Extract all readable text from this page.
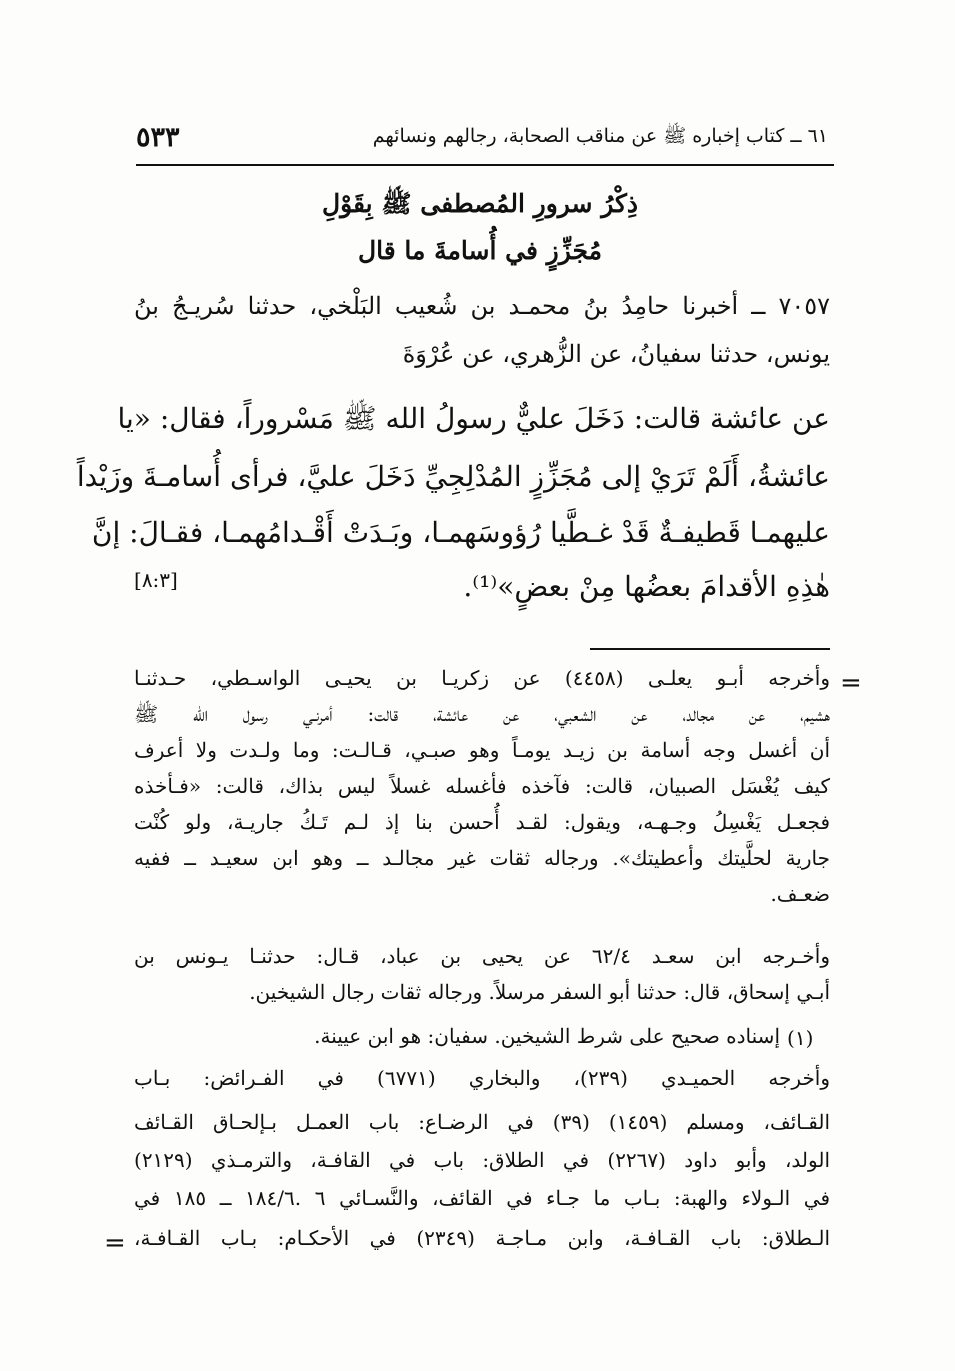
٥٣٣	٦١ ــ كتاب إخباره ﷺ عن مناقب الصحابة، رجالهم ونسائهم
ذِكْرُ سرورِ المُصطفى ﷺ بِقَوْلِ
مُجَزِّزٍ في أُسامةَ ما قال
٧٠٥٧ ــ أخبرنا حامِدُ بنُ محمـد بن شُعيب البَلْخي، حدثنا سُريـجُ بنُ
يونس، حدثنا سفيانُ، عن الزُّهري، عن عُرْوَةَ
عن عائشة قالت: دَخَلَ عليٌّ رسولُ الله ﷺ مَسْروراً، فقال: «يا
عائشةُ، أَلَمْ تَرَيْ إلى مُجَزِّزٍ المُدْلِجِيِّ دَخَلَ عليَّ، فرأى أُسامـةَ وزَيْداً
عليهمـا قَطيفـةٌ قَدْ غـطَّيا رُؤوسَهمـا، وبَـدَتْ أَقْـدامُهمـا، فقـالَ: إنَّ
هٰذِهِ الأقدامَ بعضُها مِنْ بعضٍ»⁽¹⁾.
[٨:٣]
=
وأخرجه أبـو يعلـى (٤٤٥٨) عن زكريـا بن يحيـى الواسـطي، حـدثنـا
هشيم، عن مجالد، عن الشعبي، عن عائشة، قالت: أمرنـي رسول الله ﷺ
أن أغسل وجه أسامة بن زيـد يومـاً وهو صبـي، قـالـت: وما ولـدت ولا أعرف
كيف يُغْسَل الصبيان، قالت: فآخذه فأغسله غسلاً ليس بذاك، قالت: «فـأخذه
فجعـل يَغْسِلُ وجـهـه، ويقول: لقـد أُحسن بنا إذ لـم تَـكُ جاريـة، ولو كُنْت
جارية لحلَّيتك وأعطيتك». ورجاله ثقات غير مجالـد ــ وهو ابن سعيـد ــ ففيه
ضعـف.
وأخـرجه ابن سعـد ٦٢/٤ عن يحيى بن عباد، قـال: حدثنـا يـونس بن
أبـي إسحاق، قال: حدثنا أبو السفر مرسلاً. ورجاله ثقات رجال الشيخين.
(١)
إسناده صحيح على شرط الشيخين. سفيان: هو ابن عيينة.
وأخرجه الحميـدي (٢٣٩)، والبخاري (٦٧٧١) في الفـرائض: بـاب
القـائف، ومسلم (١٤٥٩) (٣٩) في الرضـاع: باب العمـل بـإلحـاق القـائف
الولد، وأبو داود (٢٢٦٧) في الطلاق: باب في القافـة، والترمـذي (٢١٢٩)
في الـولاء والهبة: بـاب ما جـاء في القائف، والنَّسـائي ٦ .١٨٤/٦ ــ ١٨٥ في
الـطلاق: باب القـافـة، وابن مـاجـة (٢٣٤٩) في الأحكـام: بـاب القـافـة،
=
